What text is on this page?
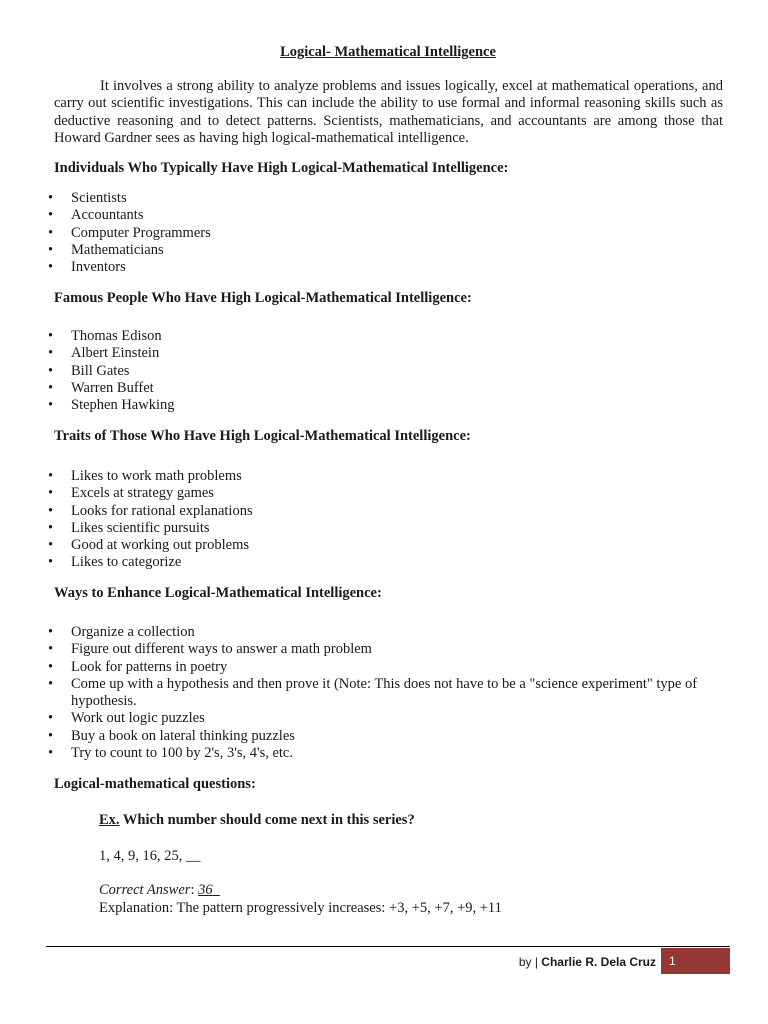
Logical- Mathematical Intelligence

It involves a strong ability to analyze problems and issues logically, excel at mathematical operations, and carry out scientific investigations. This can include the ability to use formal and informal reasoning skills such as deductive reasoning and to detect patterns. Scientists, mathematicians, and accountants are among those that Howard Gardner sees as having high logical-mathematical intelligence.

Individuals Who Typically Have High Logical-Mathematical Intelligence:
• Scientists
• Accountants
• Computer Programmers
• Mathematicians
• Inventors
Famous People Who Have High Logical-Mathematical Intelligence:
• Thomas Edison
• Albert Einstein
• Bill Gates
• Warren Buffet
• Stephen Hawking
Traits of Those Who Have High Logical-Mathematical Intelligence:
• Likes to work math problems
• Excels at strategy games
• Looks for rational explanations
• Likes scientific pursuits
• Good at working out problems
• Likes to categorize
Ways to Enhance Logical-Mathematical Intelligence:
• Organize a collection
• Figure out different ways to answer a math problem
• Look for patterns in poetry
• Come up with a hypothesis and then prove it (Note: This does not have to be a "science experiment" type of hypothesis.
• Work out logic puzzles
• Buy a book on lateral thinking puzzles
• Try to count to 100 by 2's, 3's, 4's, etc.
Logical-mathematical questions:
Ex. Which number should come next in this series?
1, 4, 9, 16, 25, __
Correct Answer: 36
Explanation: The pattern progressively increases: +3, +5, +7, +9, +11
by | Charlie R. Dela Cruz	1
